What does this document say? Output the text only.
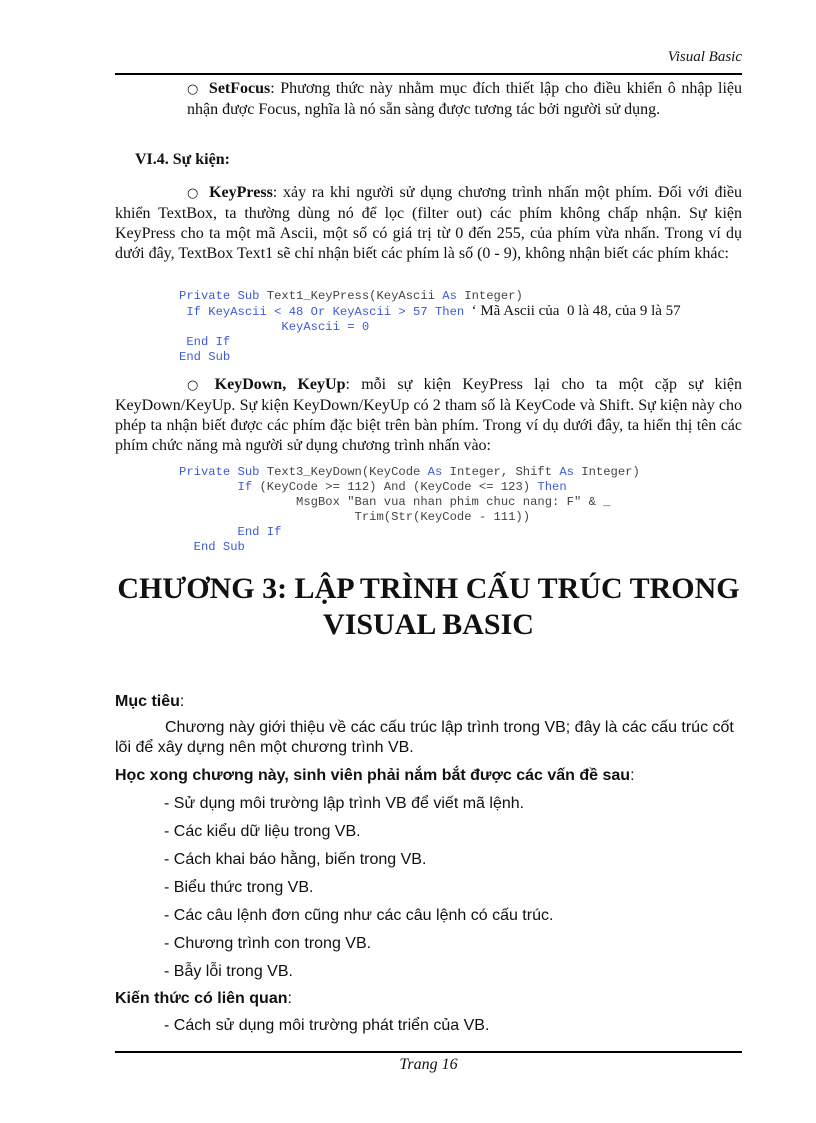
Visual Basic
○ SetFocus: Phương thức này nhằm mục đích thiết lập cho điều khiển ô nhập liệu nhận được Focus, nghĩa là nó sẵn sàng được tương tác bởi người sử dụng.
VI.4. Sự kiện:
○ KeyPress: xảy ra khi người sử dụng chương trình nhấn một phím. Đối với điều khiển TextBox, ta thường dùng nó để lọc (filter out) các phím không chấp nhận. Sự kiện KeyPress cho ta một mã Ascii, một số có giá trị từ 0 đến 255, của phím vừa nhấn. Trong ví dụ dưới đây, TextBox Text1 sẽ chỉ nhận biết các phím là số (0 - 9), không nhận biết các phím khác:
Private Sub Text1_KeyPress(KeyAscii As Integer)
If KeyAscii < 48 Or KeyAscii > 57 Then ‘ Mã Ascii của  0 là 48, của 9 là 57
KeyAscii = 0
End If
End Sub
○ KeyDown, KeyUp: mỗi sự kiện KeyPress lại cho ta một cặp sự kiện KeyDown/KeyUp. Sự kiện KeyDown/KeyUp có 2 tham số là KeyCode và Shift. Sự kiện này cho phép ta nhận biết được các phím đặc biệt trên bàn phím. Trong ví dụ dưới đây, ta hiển thị tên các phím chức năng mà người sử dụng chương trình nhấn vào:
Private Sub Text3_KeyDown(KeyCode As Integer, Shift As Integer)
If (KeyCode >= 112) And (KeyCode <= 123) Then
MsgBox "Ban vua nhan phim chuc nang: F" & _
Trim(Str(KeyCode - 111))
End If
End Sub
CHƯƠNG 3: LẬP TRÌNH CẤU TRÚC TRONG
VISUAL BASIC
Mục tiêu:
Chương này giới thiệu về các cấu trúc lập trình trong VB; đây là các cấu trúc cốt lõi để xây dựng nên một chương trình VB.
Học xong chương này, sinh viên phải nắm bắt được các vấn đề sau:
- Sử dụng môi trường lập trình VB để viết mã lệnh.
- Các kiểu dữ liệu trong VB.
- Cách khai báo hằng, biến trong VB.
- Biểu thức trong VB.
- Các câu lệnh đơn cũng như các câu lệnh có cấu trúc.
- Chương trình con trong VB.
- Bẫy lỗi trong VB.
Kiến thức có liên quan:
- Cách sử dụng môi trường phát triển của VB.
Trang 16
